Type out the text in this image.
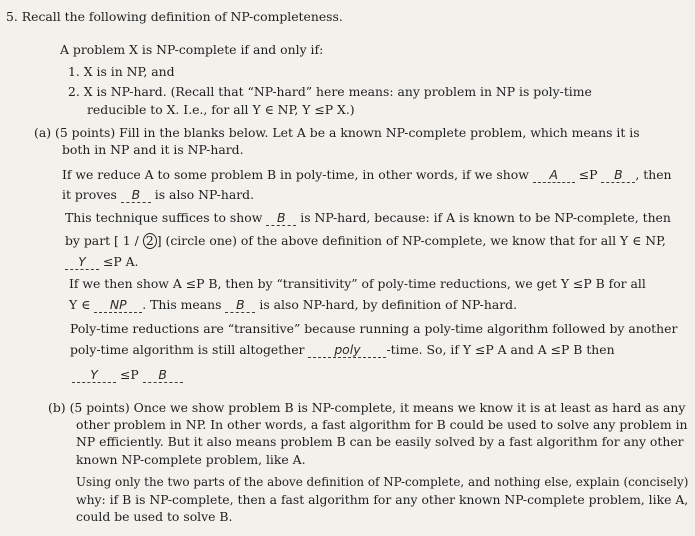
5. Recall the following definition of NP-completeness.
A problem X is NP-complete if and only if:
1. X is in NP, and
2. X is NP-hard. (Recall that “NP-hard” here means: any problem in NP is poly-time
reducible to X. I.e., for all Y ∈ NP, Y ≤P X.)
(a) (5 points) Fill in the blanks below. Let A be a known NP-complete problem, which means it is
both in NP and it is NP-hard.
If we reduce A to some problem B in poly-time, in other words, if we show A ≤P B , then
it proves B is also NP-hard.
This technique suffices to show B is NP-hard, because: if A is known to be NP-complete, then
by part [ 1 / 2 ] (circle one) of the above definition of NP-complete, we know that for all Y ∈ NP,
Y ≤P A.
If we then show A ≤P B, then by “transitivity” of poly-time reductions, we get Y ≤P B for all
Y ∈ NP . This means B is also NP-hard, by definition of NP-hard.
Poly-time reductions are “transitive” because running a poly-time algorithm followed by another
poly-time algorithm is still altogether poly -time. So, if Y ≤P A and A ≤P B then
Y ≤P B
(b) (5 points) Once we show problem B is NP-complete, it means we know it is at least as hard as any
other problem in NP. In other words, a fast algorithm for B could be used to solve any problem in
NP efficiently. But it also means problem B can be easily solved by a fast algorithm for any other
known NP-complete problem, like A.
Using only the two parts of the above definition of NP-complete, and nothing else, explain (concisely)
why: if B is NP-complete, then a fast algorithm for any other known NP-complete problem, like A,
could be used to solve B.
